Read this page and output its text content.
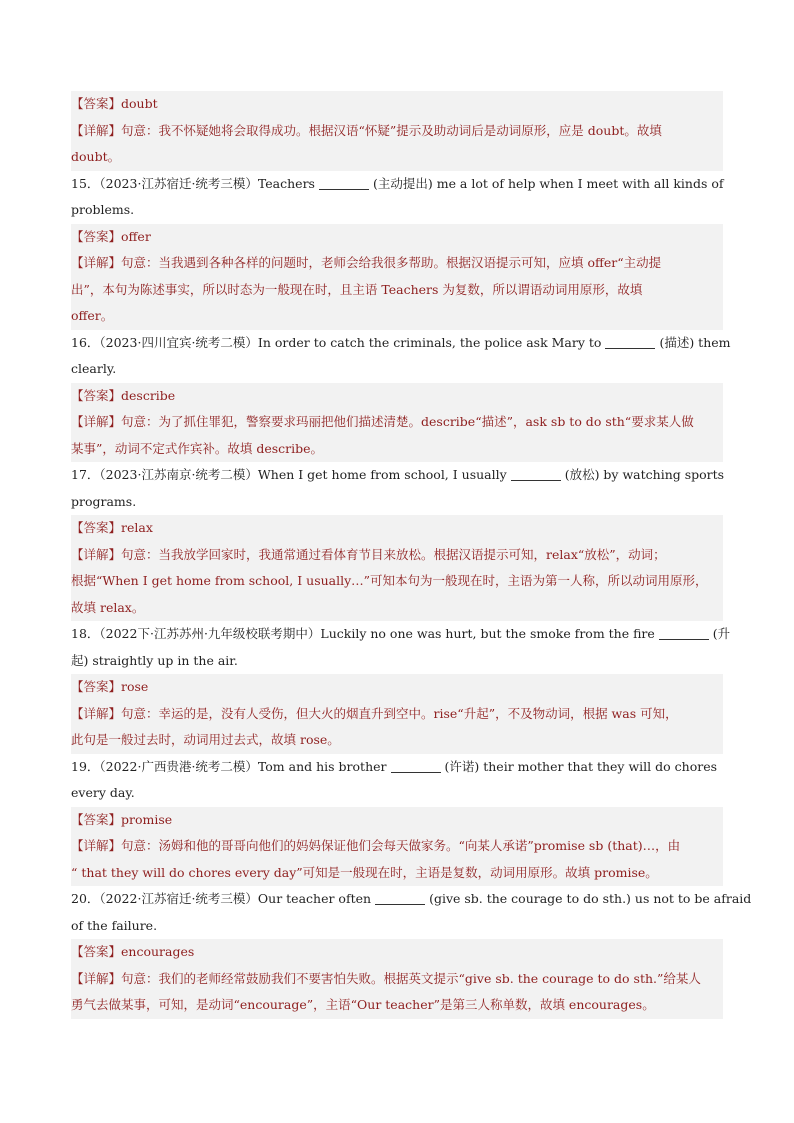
【答案】doubt
【详解】句意：我不怀疑她将会取得成功。根据汉语“怀疑”提示及助动词后是动词原形，应是 doubt。故填
doubt。
15．（2023·江苏宿迁·统考三模）Teachers	(主动提出) me a lot of help when I meet with all kinds of
problems.
【答案】offer
【详解】句意：当我遇到各种各样的问题时，老师会给我很多帮助。根据汉语提示可知，应填 offer“主动提
出”，本句为陈述事实，所以时态为一般现在时，且主语 Teachers 为复数，所以谓语动词用原形，故填
offer。
16．（2023·四川宜宾·统考二模）In order to catch the criminals, the police ask Mary to	(描述) them
clearly.
【答案】describe
【详解】句意：为了抓住罪犯，警察要求玛丽把他们描述清楚。describe“描述”，ask sb to do sth“要求某人做
某事”，动词不定式作宾补。故填 describe。
17．（2023·江苏南京·统考二模）When I get home from school, I usually	(放松) by watching sports
programs.
【答案】relax
【详解】句意：当我放学回家时，我通常通过看体育节目来放松。根据汉语提示可知，relax“放松”，动词；
根据“When I get home from school, I usually…”可知本句为一般现在时，主语为第一人称，所以动词用原形，
故填 relax。
18．（2022下·江苏苏州·九年级校联考期中）Luckily no one was hurt, but the smoke from the fire	(升
起) straightly up in the air.
【答案】rose
【详解】句意：幸运的是，没有人受伤，但大火的烟直升到空中。rise“升起”，不及物动词，根据 was 可知，
此句是一般过去时，动词用过去式，故填 rose。
19．（2022·广西贵港·统考二模）Tom and his brother	(许诺) their mother that they will do chores
every day.
【答案】promise
【详解】句意：汤姆和他的哥哥向他们的妈妈保证他们会每天做家务。“向某人承诺”promise sb (that)…，由
“ that they will do chores every day”可知是一般现在时，主语是复数，动词用原形。故填 promise。
20．（2022·江苏宿迁·统考三模）Our teacher often	(give sb. the courage to do sth.) us not to be afraid
of the failure.
【答案】encourages
【详解】句意：我们的老师经常鼓励我们不要害怕失败。根据英文提示“give sb. the courage to do sth.”给某人
勇气去做某事，可知，是动词“encourage”，主语“Our teacher”是第三人称单数，故填 encourages。
